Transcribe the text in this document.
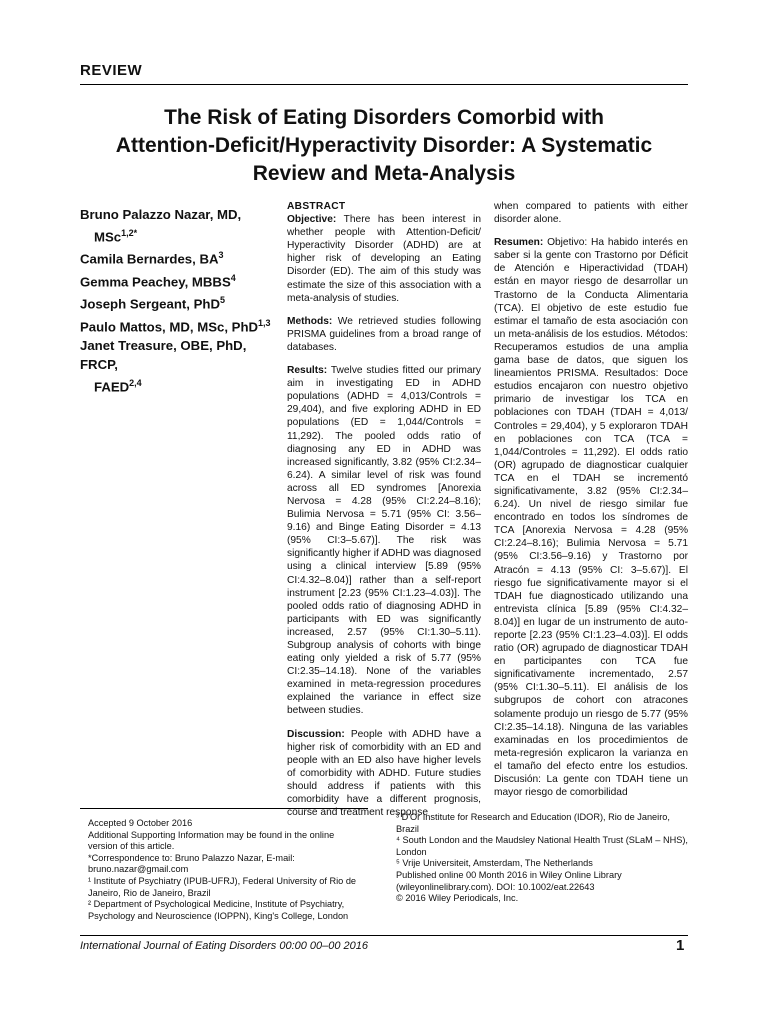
REVIEW
The Risk of Eating Disorders Comorbid with
Attention-Deficit/Hyperactivity Disorder: A Systematic
Review and Meta-Analysis
Bruno Palazzo Nazar, MD,
MSc$^{1,2*}$
Camila Bernardes, $BA^3$
Gemma Peachey, MBBS$^4$
Joseph Sergeant, PhD$^5$
Paulo Mattos, MD, MSc, PhD$^{1,3}$
Janet Treasure, OBE, PhD, FRCP,
FAED$^{2,4}$
ABSTRACT

Objective: There has been interest in whether people with Attention-Deficit/ Hyperactivity Disorder (ADHD) are at higher risk of developing an Eating Disorder (ED). The aim of this study was estimate the size of this association with a meta-analysis of studies.

Methods: We retrieved studies following PRISMA guidelines from a broad range of databases.

Results: Twelve studies fitted our primary aim in investigating ED in ADHD populations (ADHD = 4,013/Controls = 29,404), and five exploring ADHD in ED populations (ED = 1,044/Controls = 11,292). The pooled odds ratio of diagnosing any ED in ADHD was increased significantly, 3.82 (95% CI:2.34–6.24). A similar level of risk was found across all ED syndromes [Anorexia Nervosa = 4.28 (95% CI:2.24–8.16); Bulimia Nervosa = 5.71 (95% CI: 3.56–9.16) and Binge Eating Disorder = 4.13 (95% CI:3–5.67)]. The risk was significantly higher if ADHD was diagnosed using a clinical interview [5.89 (95% CI:4.32–8.04)] rather than a self-report instrument [2.23 (95% CI:1.23–4.03)]. The pooled odds ratio of diagnosing ADHD in participants with ED was significantly increased, 2.57 (95% CI:1.30–5.11). Subgroup analysis of cohorts with binge eating only yielded a risk of 5.77 (95% CI:2.35–14.18). None of the variables examined in meta-regression procedures explained the variance in effect size between studies.

Discussion: People with ADHD have a higher risk of comorbidity with an ED and people with an ED also have higher levels of comorbidity with ADHD. Future studies should address if patients with this comorbidity have a different prognosis, course and treatment response

when compared to patients with either disorder alone.

Resumen: Objetivo: Ha habido interés en saber si la gente con Trastorno por Déficit de Atención e Hiperactividad (TDAH) están en mayor riesgo de desarrollar un Trastorno de la Conducta Alimentaria (TCA). El objetivo de este estudio fue estimar el tamaño de esta asociación con un meta-análisis de los estudios. Métodos: Recuperamos estudios de una amplia gama base de datos, que siguen los lineamientos PRISMA. Resultados: Doce estudios encajaron con nuestro objetivo primario de investigar los TCA en poblaciones con TDAH (TDAH = 4,013/ Controles = 29,404), y 5 exploraron TDAH en poblaciones con TCA (TCA = 1,044/Controles = 11,292). El odds ratio (OR) agrupado de diagnosticar cualquier TCA en el TDAH se incrementó significativamente, 3.82 (95% CI:2.34–6.24). Un nivel de riesgo similar fue encontrado en todos los síndromes de TCA [Anorexia Nervosa = 4.28 (95% CI:2.24–8.16); Bulimia Nervosa = 5.71 (95% CI:3.56–9.16) y Trastorno por Atracón = 4.13 (95% CI: 3–5.67)]. El riesgo fue significativamente mayor si el TDAH fue diagnosticado utilizando una entrevista clínica [5.89 (95% CI:4.32–8.04)] en lugar de un instrumento de auto-reporte [2.23 (95% CI:1.23–4.03)]. El odds ratio (OR) agrupado de diagnosticar TDAH en participantes con TCA fue significativamente incrementado, 2.57 (95% CI:1.30–5.11). El análisis de los subgrupos de cohort con atracones solamente produjo un riesgo de 5.77 (95% CI:2.35–14.18). Ninguna de las variables examinadas en los procedimientos de meta-regresión explicaron la varianza en el tamaño del efecto entre los estudios. Discusión: La gente con TDAH tiene un mayor riesgo de comorbilidad

Accepted 9 October 2016
Additional Supporting Information may be found in the online version of this article.
*Correspondence to: Bruno Palazzo Nazar, E-mail: bruno.nazar@gmail.com
¹ Institute of Psychiatry (IPUB-UFRJ), Federal University of Rio de Janeiro, Rio de Janeiro, Brazil
² Department of Psychological Medicine, Institute of Psychiatry, Psychology and Neuroscience (IOPPN), King's College, London
³ D'Or Institute for Research and Education (IDOR), Rio de Janeiro, Brazil
⁴ South London and the Maudsley National Health Trust (SLaM – NHS), London
⁵ Vrije Universiteit, Amsterdam, The Netherlands
Published online 00 Month 2016 in Wiley Online Library (wileyonlinelibrary.com). DOI: 10.1002/eat.22643
© 2016 Wiley Periodicals, Inc.
International Journal of Eating Disorders 00:00 00–00 2016	1
